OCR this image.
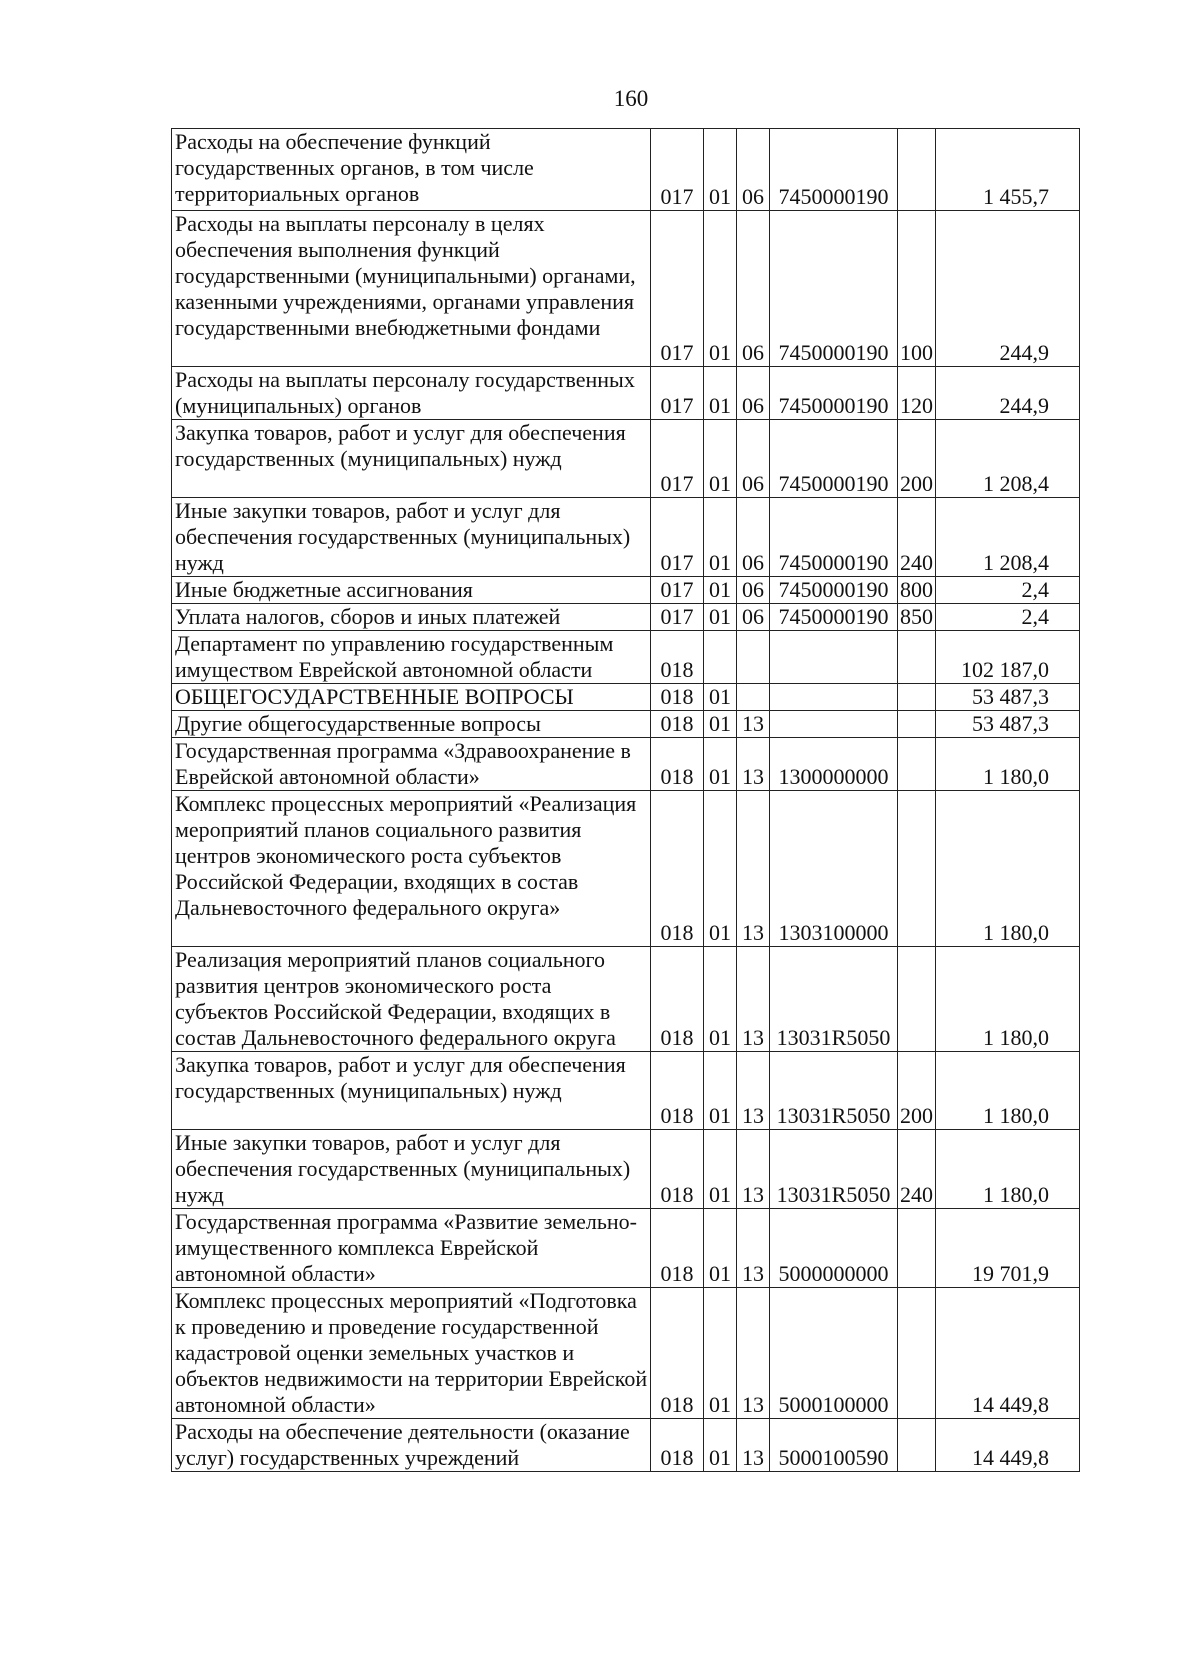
160
Расходы на обеспечение функций государственных органов, в том числе территориальных органов	017	01	06	7450000190		1 455,7
Расходы на выплаты персоналу в целях обеспечения выполнения функций государственными (муниципальными) органами, казенными учреждениями, органами управления государственными внебюджетными фондами	017	01	06	7450000190	100	244,9
Расходы на выплаты персоналу государственных (муниципальных) органов	017	01	06	7450000190	120	244,9
Закупка товаров, работ и услуг для обеспечения государственных (муниципальных) нужд	017	01	06	7450000190	200	1 208,4
Иные закупки товаров, работ и услуг для обеспечения государственных (муниципальных) нужд	017	01	06	7450000190	240	1 208,4
Иные бюджетные ассигнования	017	01	06	7450000190	800	2,4
Уплата налогов, сборов и иных платежей	017	01	06	7450000190	850	2,4
Департамент по управлению государственным имуществом Еврейской автономной области	018					102 187,0
ОБЩЕГОСУДАРСТВЕННЫЕ ВОПРОСЫ	018	01				53 487,3
Другие общегосударственные вопросы	018	01	13			53 487,3
Государственная программа «Здравоохранение в Еврейской автономной области»	018	01	13	1300000000		1 180,0
Комплекс процессных мероприятий «Реализация мероприятий планов социального развития центров экономического роста субъектов Российской Федерации, входящих в состав Дальневосточного федерального округа»	018	01	13	1303100000		1 180,0
Реализация мероприятий планов социального развития центров экономического роста субъектов Российской Федерации, входящих в состав Дальневосточного федерального округа	018	01	13	13031R5050		1 180,0
Закупка товаров, работ и услуг для обеспечения государственных (муниципальных) нужд	018	01	13	13031R5050	200	1 180,0
Иные закупки товаров, работ и услуг для обеспечения государственных (муниципальных) нужд	018	01	13	13031R5050	240	1 180,0
Государственная программа «Развитие земельно-имущественного комплекса Еврейской автономной области»	018	01	13	5000000000		19 701,9
Комплекс процессных мероприятий «Подготовка к проведению и проведение государственной кадастровой оценки земельных участков и объектов недвижимости на территории Еврейской автономной области»	018	01	13	5000100000		14 449,8
Расходы на обеспечение деятельности (оказание услуг) государственных учреждений	018	01	13	5000100590		14 449,8
